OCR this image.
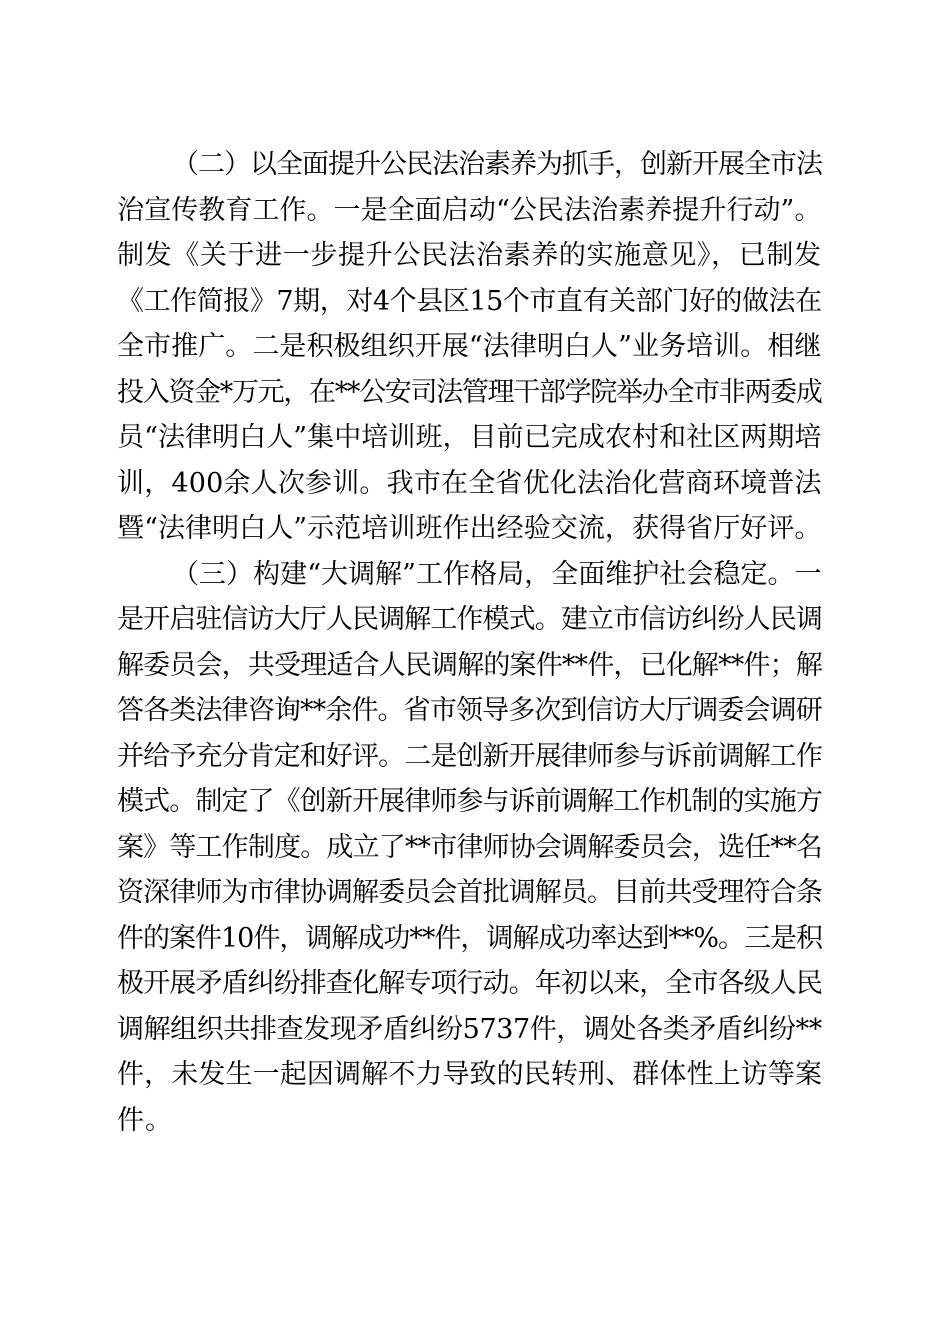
（二）以全面提升公民法治素养为抓手，创新开展全市法
治宣传教育工作。一是全面启动“公民法治素养提升行动”。
制发《关于进一步提升公民法治素养的实施意见》，已制发
《工作简报》7期，对4个县区15个市直有关部门好的做法在
全市推广。二是积极组织开展“法律明白人”业务培训。相继
投入资金*万元，在**公安司法管理干部学院举办全市非两委成
员“法律明白人”集中培训班，目前已完成农村和社区两期培
训，400余人次参训。我市在全省优化法治化营商环境普法
暨“法律明白人”示范培训班作出经验交流，获得省厅好评。
（三）构建“大调解”工作格局，全面维护社会稳定。一
是开启驻信访大厅人民调解工作模式。建立市信访纠纷人民调
解委员会，共受理适合人民调解的案件**件，已化解**件；解
答各类法律咨询**余件。省市领导多次到信访大厅调委会调研
并给予充分肯定和好评。二是创新开展律师参与诉前调解工作
模式。制定了《创新开展律师参与诉前调解工作机制的实施方
案》等工作制度。成立了**市律师协会调解委员会，选任**名
资深律师为市律协调解委员会首批调解员。目前共受理符合条
件的案件10件，调解成功**件，调解成功率达到**%。三是积
极开展矛盾纠纷排查化解专项行动。年初以来，全市各级人民
调解组织共排查发现矛盾纠纷5737件，调处各类矛盾纠纷**
件，未发生一起因调解不力导致的民转刑、群体性上访等案
件。
